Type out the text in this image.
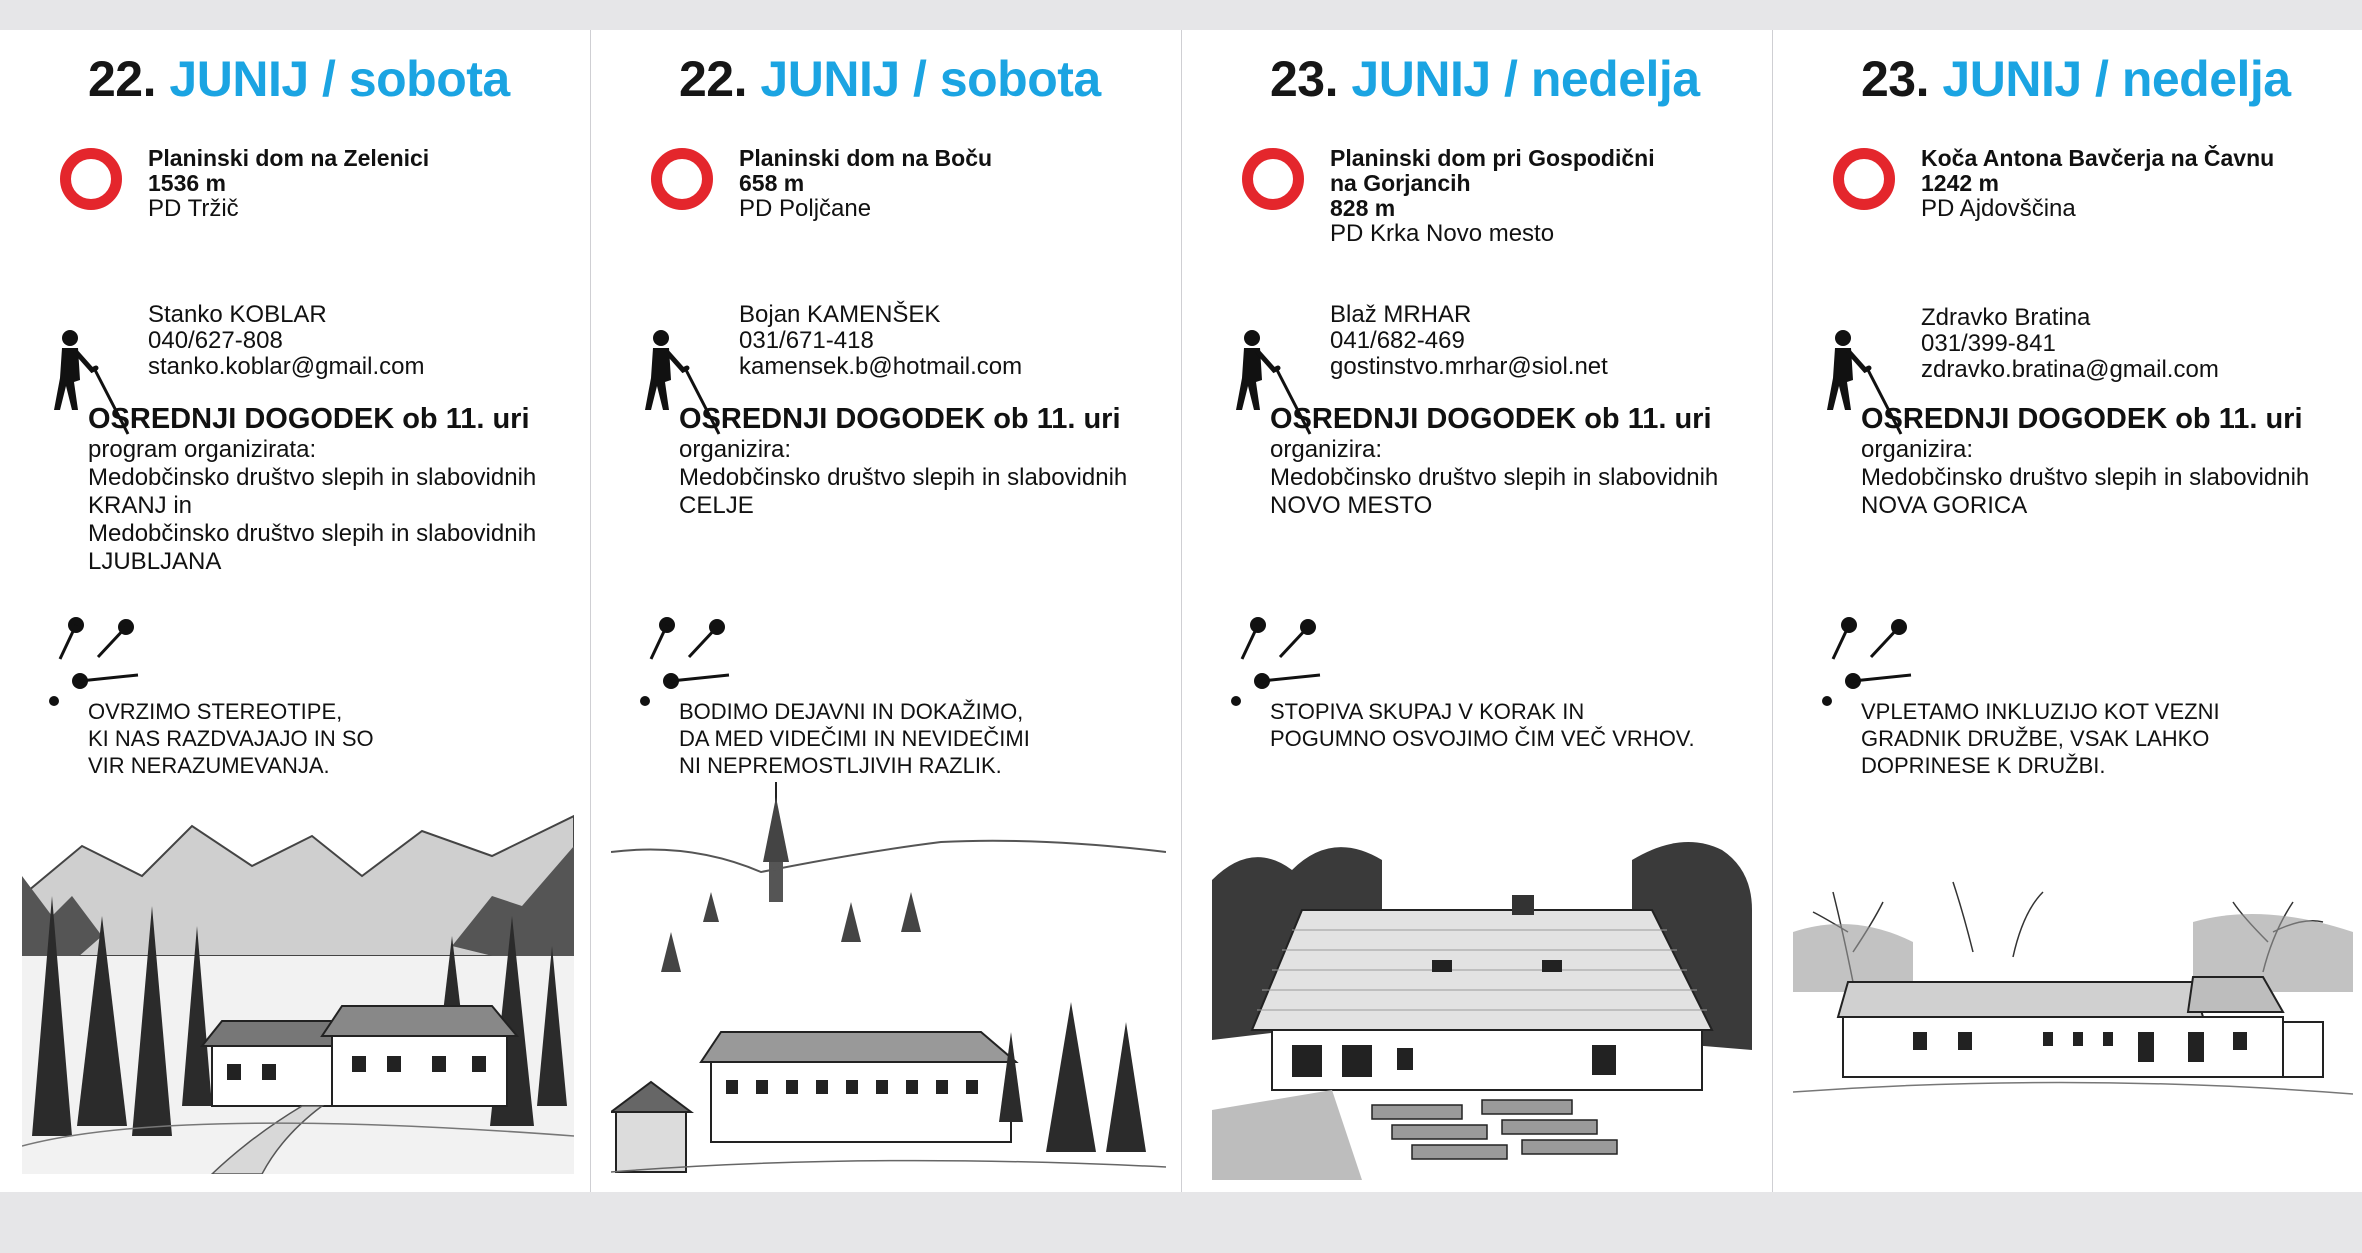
22. JUNIJ / sobota
Planinski dom na Zelenici
1536 m
PD Tržič
Stanko KOBLAR
040/627-808
stanko.koblar@gmail.com
OSREDNJI DOGODEK ob 11. uri
program organizirata:
Medobčinsko društvo slepih in slabovidnih
KRANJ in
Medobčinsko društvo slepih in slabovidnih
LJUBLJANA
OVRZIMO STEREOTIPE,
KI NAS RAZDVAJAJO IN SO
VIR NERAZUMEVANJA.
22. JUNIJ / sobota
Planinski dom na Boču
658 m
PD Poljčane
Bojan KAMENŠEK
031/671-418
kamensek.b@hotmail.com
OSREDNJI DOGODEK ob 11. uri
organizira:
Medobčinsko društvo slepih in slabovidnih
CELJE
BODIMO DEJAVNI IN DOKAŽIMO,
DA MED VIDEČIMI IN NEVIDEČIMI
NI NEPREMOSTLJIVIH RAZLIK.
23. JUNIJ / nedelja
Planinski dom pri Gospodični
na Gorjancih
828 m
PD Krka Novo mesto
Blaž MRHAR
041/682-469
gostinstvo.mrhar@siol.net
OSREDNJI DOGODEK ob 11. uri
organizira:
Medobčinsko društvo slepih in slabovidnih
NOVO MESTO
STOPIVA SKUPAJ V KORAK IN
POGUMNO OSVOJIMO ČIM VEČ VRHOV.
23. JUNIJ / nedelja
Koča Antona Bavčerja na Čavnu
1242 m
PD Ajdovščina
Zdravko Bratina
031/399-841
zdravko.bratina@gmail.com
OSREDNJI DOGODEK ob 11. uri
organizira:
Medobčinsko društvo slepih in slabovidnih
NOVA GORICA
VPLETAMO INKLUZIJO KOT VEZNI
GRADNIK DRUŽBE, VSAK LAHKO
DOPRINESE K DRUŽBI.
